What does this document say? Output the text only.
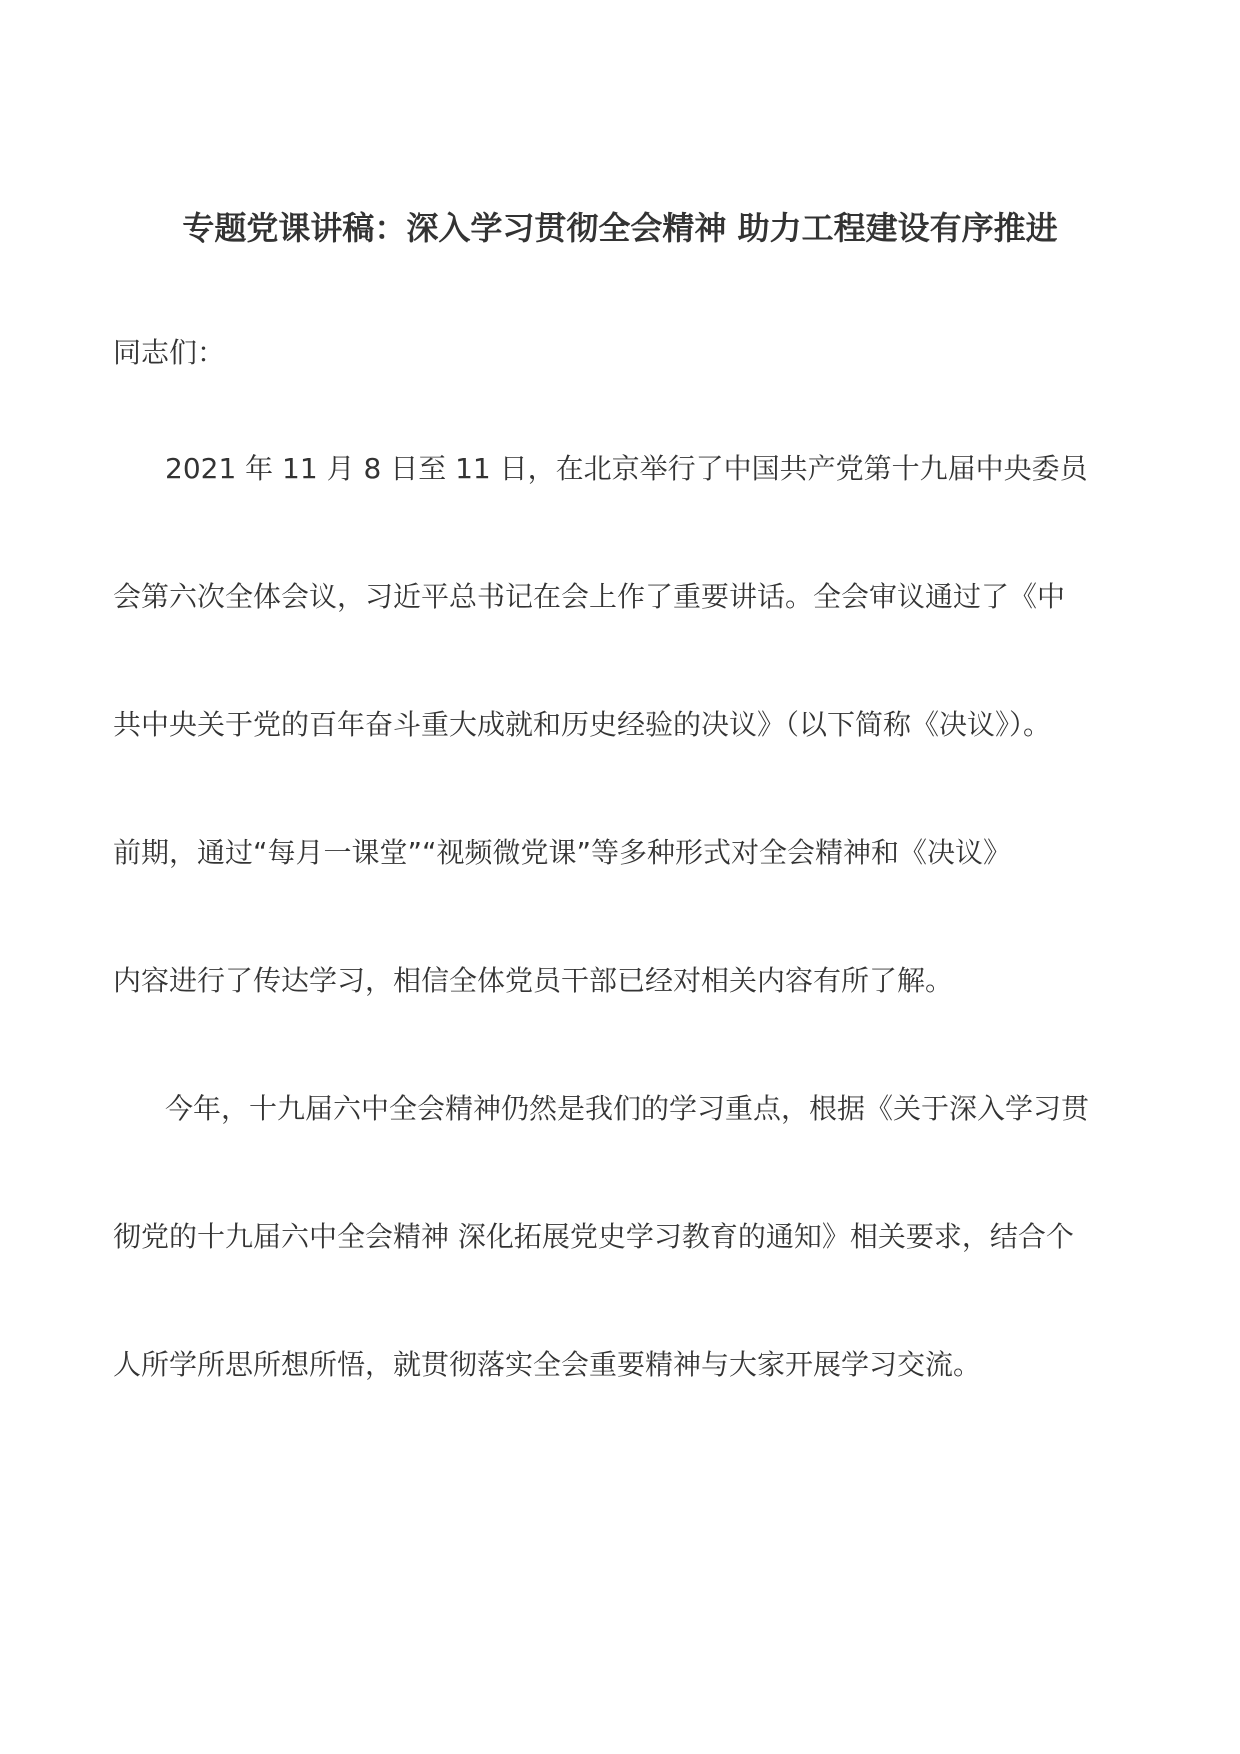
专题党课讲稿：深入学习贯彻全会精神 助力工程建设有序推进

同志们：

2021 年 11 月 8 日至 11 日，在北京举行了中国共产党第十九届中央委员

会第六次全体会议，习近平总书记在会上作了重要讲话。全会审议通过了《中

共中央关于党的百年奋斗重大成就和历史经验的决议》（以下简称《决议》）。

前期，通过“每月一课堂”“视频微党课”等多种形式对全会精神和《决议》

内容进行了传达学习，相信全体党员干部已经对相关内容有所了解。

今年，十九届六中全会精神仍然是我们的学习重点，根据《关于深入学习贯

彻党的十九届六中全会精神 深化拓展党史学习教育的通知》相关要求，结合个

人所学所思所想所悟，就贯彻落实全会重要精神与大家开展学习交流。
